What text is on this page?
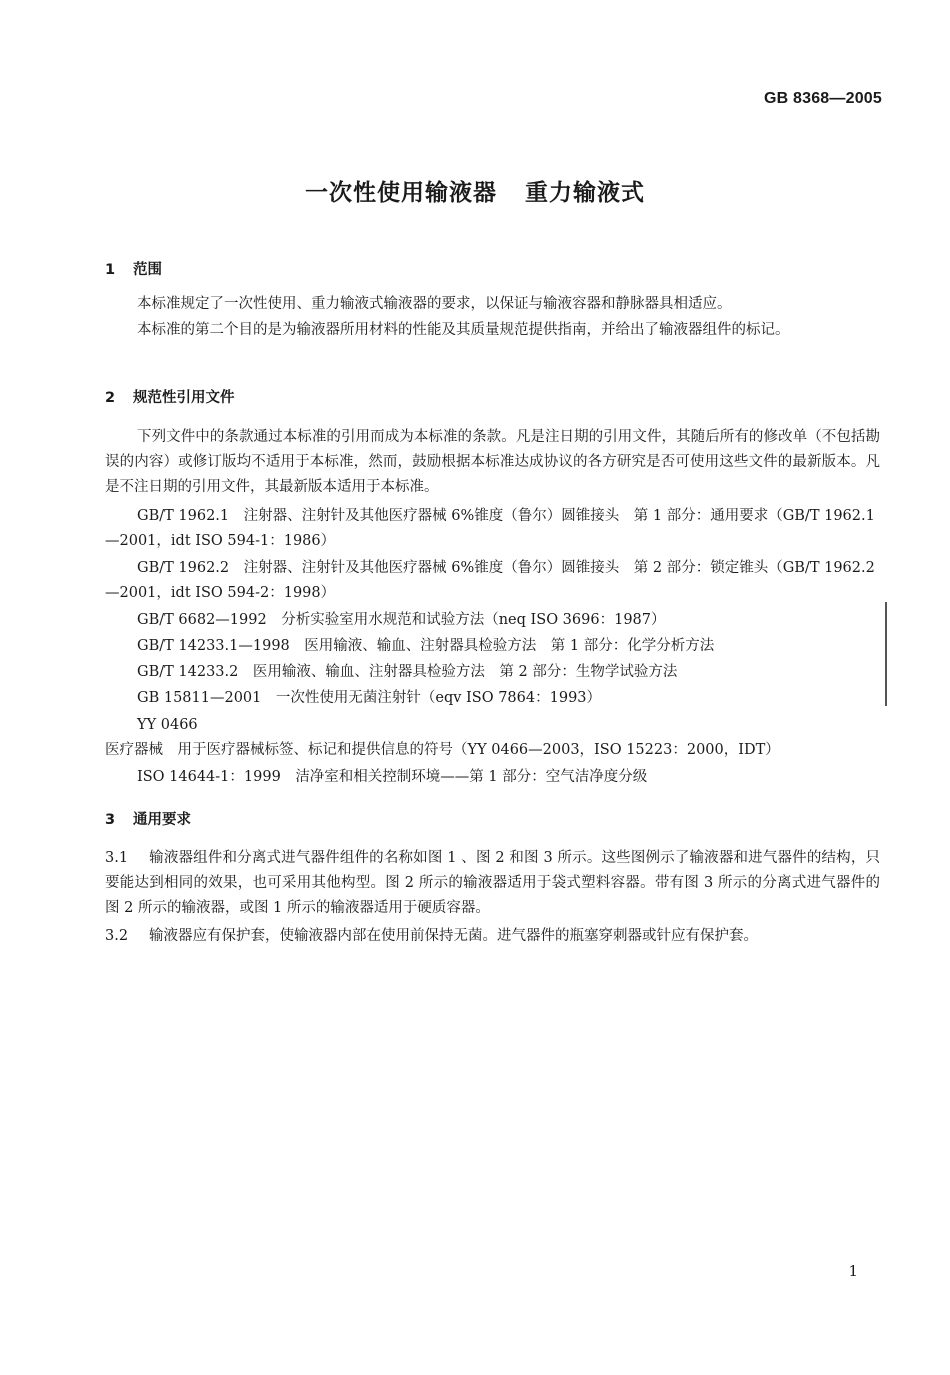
GB 8368—2005
一次性使用输液器 重力输液式
1 范围
本标准规定了一次性使用、重力输液式输液器的要求，以保证与输液容器和静脉器具相适应。
本标准的第二个目的是为输液器所用材料的性能及其质量规范提供指南，并给出了输液器组件的标记。
2 规范性引用文件
下列文件中的条款通过本标准的引用而成为本标准的条款。凡是注日期的引用文件，其随后所有的修改单（不包括勘误的内容）或修订版均不适用于本标准，然而，鼓励根据本标准达成协议的各方研究是否可使用这些文件的最新版本。凡是不注日期的引用文件，其最新版本适用于本标准。
GB/T 1962.1　 注射器、注射针及其他医疗器械 6%锥度（鲁尔）圆锥接头　第 1 部分：通用要求（GB/T 1962.1—2001，idt ISO 594-1：1986）
GB/T 1962.2　 注射器、注射针及其他医疗器械 6%锥度（鲁尔）圆锥接头　第 2 部分：锁定锥头（GB/T 1962.2—2001，idt ISO 594-2：1998）
GB/T 6682—1992　 分析实验室用水规范和试验方法（neq ISO 3696：1987）
GB/T 14233.1—1998　 医用输液、输血、注射器具检验方法　第 1 部分：化学分析方法
GB/T 14233.2　 医用输液、输血、注射器具检验方法　第 2 部分：生物学试验方法
GB 15811—2001　 一次性使用无菌注射针（eqv ISO 7864：1993）
YY 0466　医疗器械　用于医疗器械标签、标记和提供信息的符号（YY 0466—2003，ISO 15223：2000，IDT）
ISO 14644-1：1999　 洁净室和相关控制环境——第 1 部分：空气洁净度分级
3 通用要求
3.1 输液器组件和分离式进气器件组件的名称如图 1 、图 2 和图 3 所示。这些图例示了输液器和进气器件的结构，只要能达到相同的效果，也可采用其他构型。图 2 所示的输液器适用于袋式塑料容器。带有图 3 所示的分离式进气器件的图 2 所示的输液器，或图 1 所示的输液器适用于硬质容器。
3.2 输液器应有保护套，使输液器内部在使用前保持无菌。进气器件的瓶塞穿刺器或针应有保护套。
1
